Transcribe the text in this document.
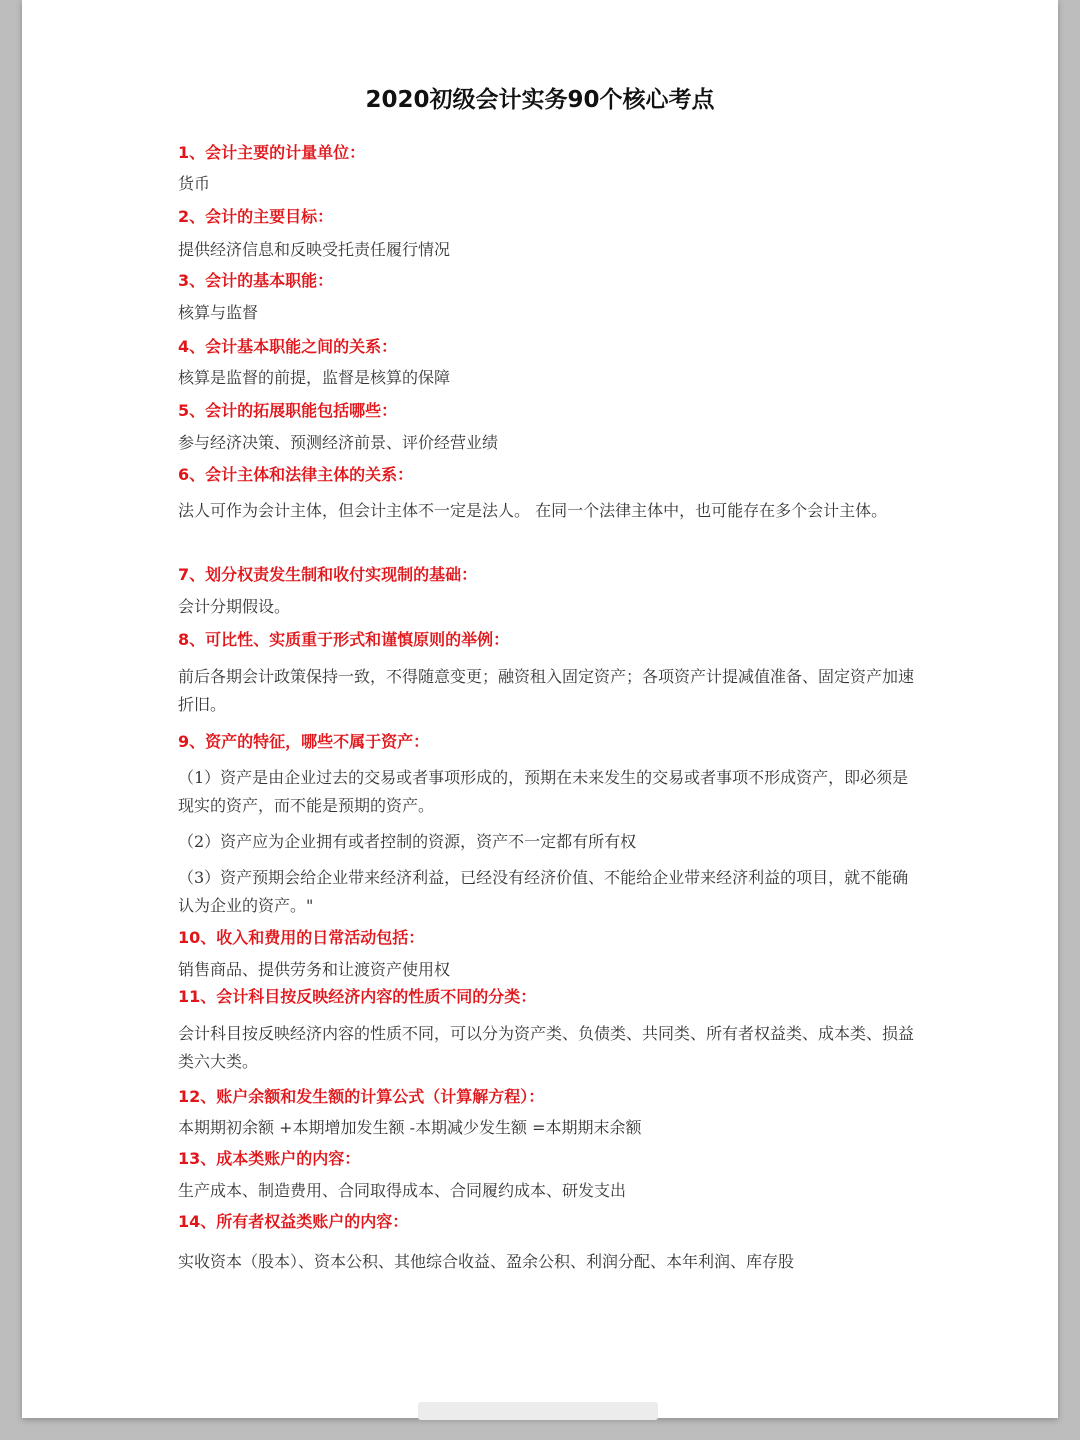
2020初级会计实务90个核心考点
1、会计主要的计量单位：

货币

2、会计的主要目标：

提供经济信息和反映受托责任履行情况

3、会计的基本职能：

核算与监督

4、会计基本职能之间的关系：

核算是监督的前提，监督是核算的保障

5、会计的拓展职能包括哪些：

参与经济决策、预测经济前景、评价经营业绩

6、会计主体和法律主体的关系：

法人可作为会计主体，但会计主体不一定是法人。 在同一个法律主体中，也可能存在多个会计主体。

7、划分权责发生制和收付实现制的基础：

会计分期假设。

8、可比性、实质重于形式和谨慎原则的举例：

前后各期会计政策保持一致，不得随意变更；融资租入固定资产；各项资产计提减值准备、固定资产加速折旧。

9、资产的特征，哪些不属于资产：

（1）资产是由企业过去的交易或者事项形成的，预期在未来发生的交易或者事项不形成资产，即必须是现实的资产，而不能是预期的资产。

（2）资产应为企业拥有或者控制的资源，资产不一定都有所有权

（3）资产预期会给企业带来经济利益，已经没有经济价值、不能给企业带来经济利益的项目，就不能确认为企业的资产。"

10、收入和费用的日常活动包括：

销售商品、提供劳务和让渡资产使用权

11、会计科目按反映经济内容的性质不同的分类：

会计科目按反映经济内容的性质不同，可以分为资产类、负债类、共同类、所有者权益类、成本类、损益类六大类。

12、账户余额和发生额的计算公式（计算解方程）：

本期期初余额 +本期增加发生额 -本期减少发生额 =本期期末余额

13、成本类账户的内容：

生产成本、制造费用、合同取得成本、合同履约成本、研发支出

14、所有者权益类账户的内容：

实收资本（股本）、资本公积、其他综合收益、盈余公积、利润分配、本年利润、库存股
